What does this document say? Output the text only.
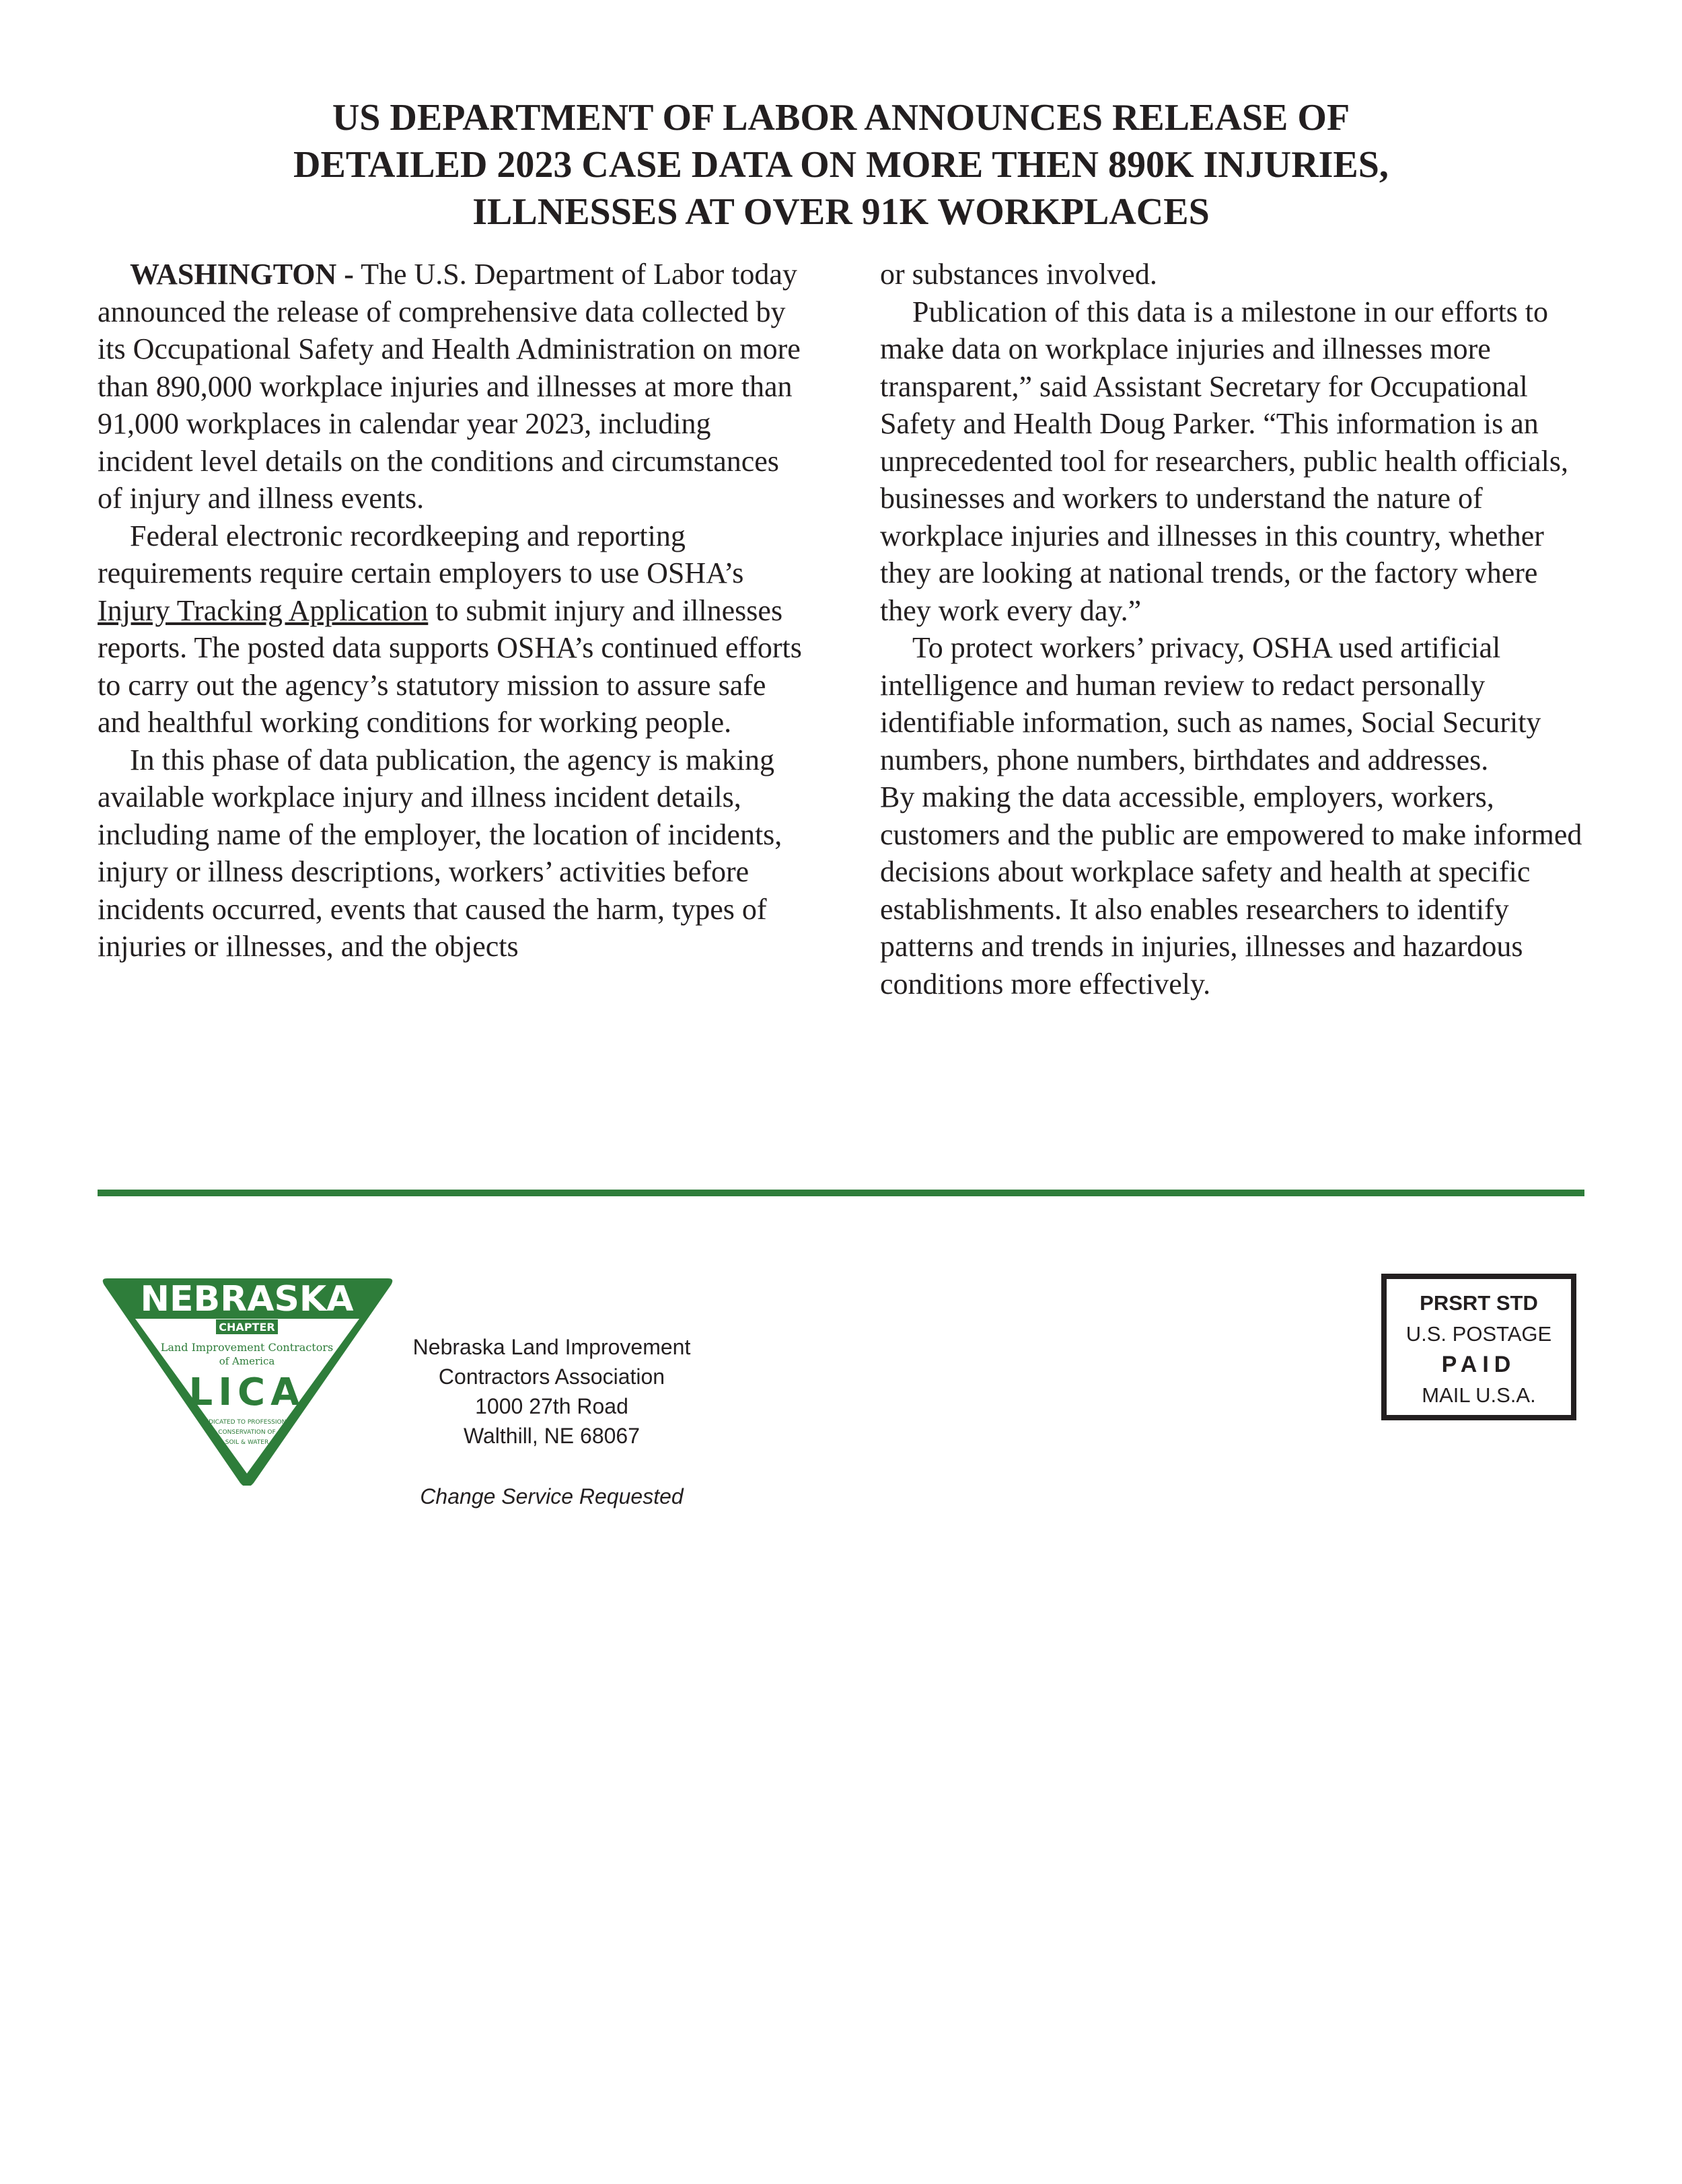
US DEPARTMENT OF LABOR ANNOUNCES RELEASE OF
DETAILED 2023 CASE DATA ON MORE THEN 890K INJURIES,
ILLNESSES AT OVER 91K WORKPLACES

WASHINGTON - The U.S. Department of Labor today announced the release of comprehensive data collected by its Occupational Safety and Health Administration on more than 890,000 workplace injuries and illnesses at more than 91,000 workplaces in calendar year 2023, including incident level details on the conditions and circumstances of injury and illness events.

Federal electronic recordkeeping and reporting requirements require certain employers to use OSHA’s Injury Tracking Application to submit injury and illnesses reports. The posted data supports OSHA’s continued efforts to carry out the agency’s statutory mission to assure safe and healthful working conditions for working people.

In this phase of data publication, the agency is making available workplace injury and illness incident details, including name of the employer, the location of incidents, injury or illness descriptions, workers’ activities before incidents occurred, events that caused the harm, types of injuries or illnesses, and the objects

or substances involved.

Publication of this data is a milestone in our efforts to make data on workplace injuries and illnesses more transparent,” said Assistant Secretary for Occupational Safety and Health Doug Parker. “This information is an unprecedented tool for researchers, public health officials, businesses and workers to understand the nature of workplace injuries and illnesses in this country, whether they are looking at national trends, or the factory where they work every day.”

To protect workers’ privacy, OSHA used artificial intelligence and human review to redact personally identifiable information, such as names, Social Security numbers, phone numbers, birthdates and addresses.

By making the data accessible, employers, workers, customers and the public are empowered to make informed decisions about workplace safety and health at specific establishments. It also enables researchers to identify patterns and trends in injuries, illnesses and hazardous conditions more effectively.

NEBRASKA
CHAPTER
Land Improvement Contractors
of America
LICA
DEDICATED TO PROFESSIONAL
CONSERVATION OF
SOIL & WATER
Nebraska Land Improvement
Contractors Association
1000 27th Road
Walthill, NE 68067
Change Service Requested
PRSRT STD
U.S. POSTAGE
PAID
MAIL U.S.A.
